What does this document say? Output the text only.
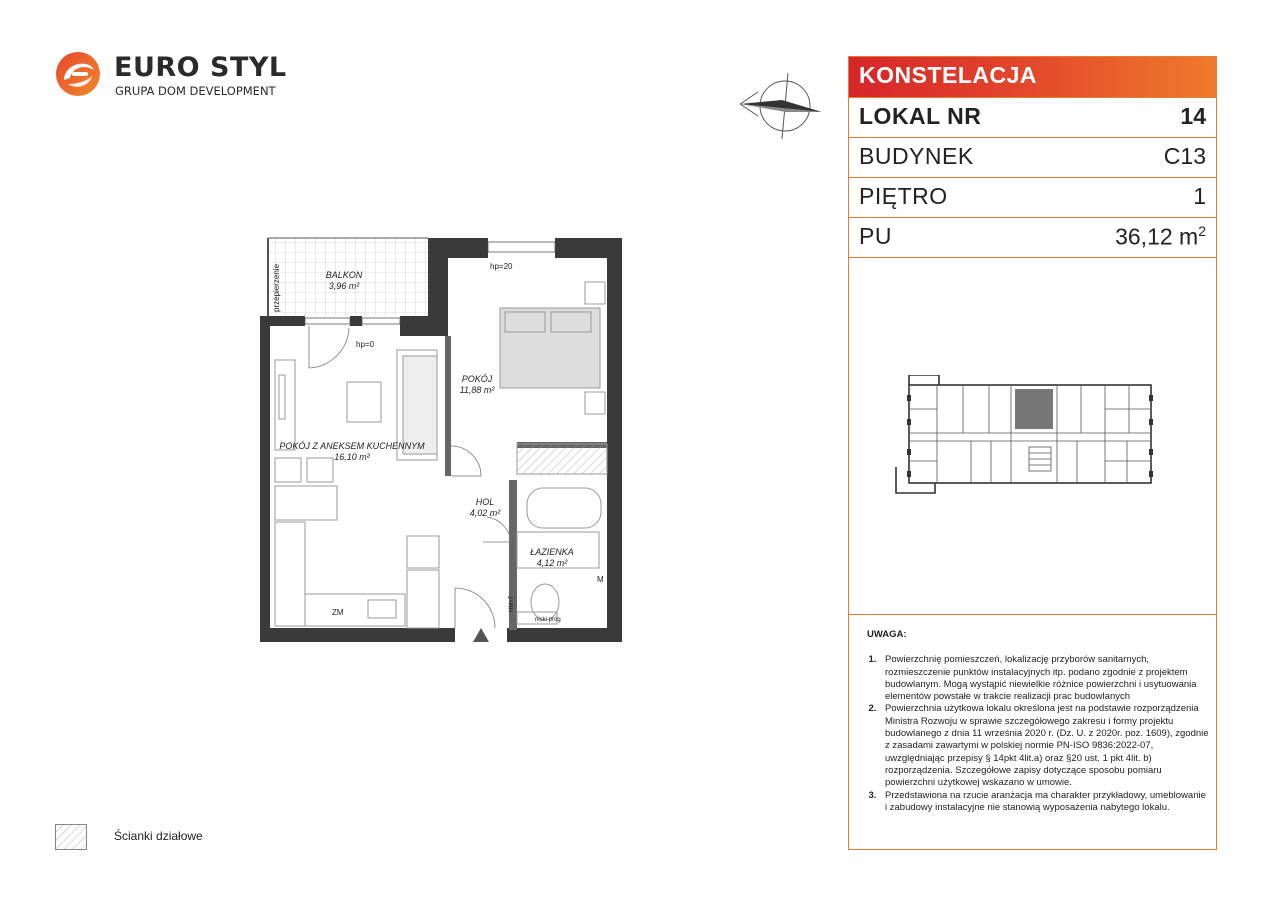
EURO STYL
GRUPA DOM DEVELOPMENT
BALKON
3,96 m²
POKÓJ
11,88 m²
POKÓJ Z ANEKSEM KUCHENNYM
16,10 m²
HOL
4,02 m²
ŁAZIENKA
4,12 m²
przepierzenie
hp=0
hp=20
ZM
niski próg
M
HM+T
Ścianki działowe
KONSTELACJA
LOKAL NR	14
BUDYNEK	C13
PIĘTRO	1
PU	36,12 $m^2$
UWAGA:
1. Powierzchnię pomieszczeń, lokalizację przyborów sanitarnych, rozmieszczenie punktów instalacyjnych itp. podano zgodnie z projektem budowlanym. Mogą wystąpić niewielkie różnice powierzchni i usytuowania elementów powstałe w trakcie realizacji prac budowlanych
2. Powierzchnia użytkowa lokalu określona jest na podstawie rozporządzenia Ministra Rozwoju w sprawie szczegółowego zakresu i formy projektu budowlanego z dnia 11 września 2020 r. (Dz. U. z 2020r. poz. 1609), zgodnie z zasadami zawartymi w polskiej normie PN-ISO 9836:2022-07, uwzględniając przepisy § 14pkt 4lit.a) oraz §20 ust. 1 pkt 4lit. b) rozporządzenia. Szczegółowe zapisy dotyczące sposobu pomiaru powierzchni użytkowej wskazano w umowie.
3. Przedstawiona na rzucie aranżacja ma charakter przykładowy, umeblowanie i zabudowy instalacyjne nie stanowią wyposażenia nabytego lokalu.
